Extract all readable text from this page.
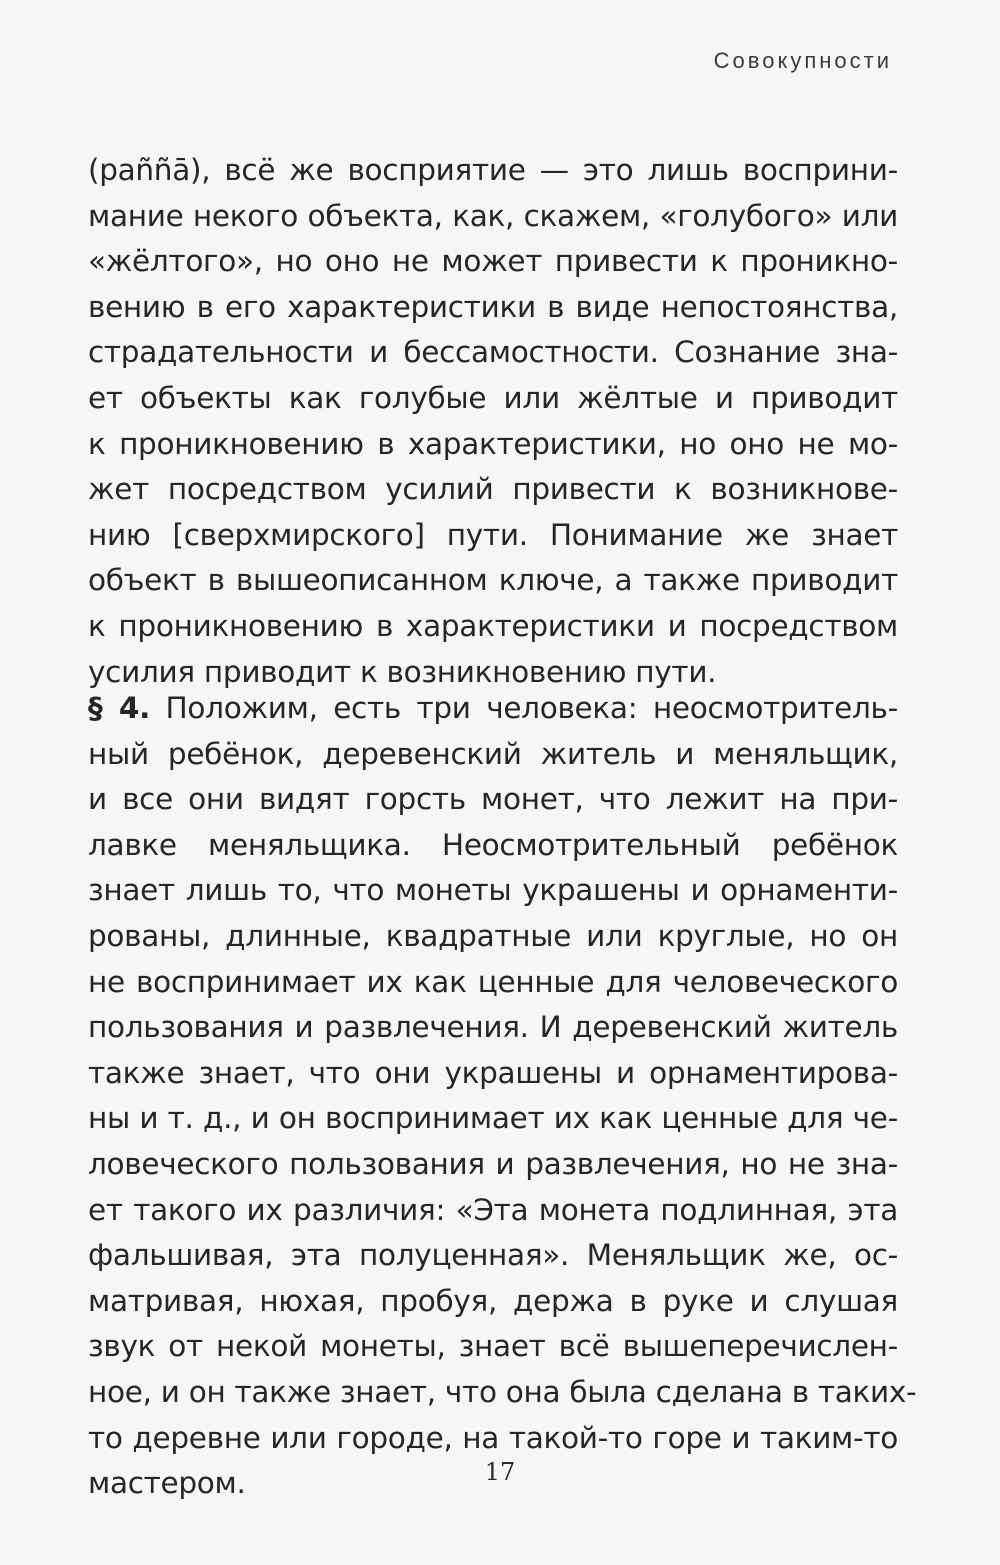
Совокупности
(paññā), всё же восприятие — это лишь восприни-
мание некого объекта, как, скажем, «голубого» или
«жёлтого», но оно не может привести к проникно-
вению в его характеристики в виде непостоянства,
страдательности и бессамостности. Сознание зна-
ет объекты как голубые или жёлтые и приводит
к проникновению в характеристики, но оно не мо-
жет посредством усилий привести к возникнове-
нию [сверхмирского] пути. Понимание же знает
объект в вышеописанном ключе, а также приводит
к проникновению в характеристики и посредством
усилия приводит к возникновению пути.
§ 4. Положим, есть три человека: неосмотритель-
ный ребёнок, деревенский житель и меняльщик,
и все они видят горсть монет, что лежит на при-
лавке меняльщика. Неосмотрительный ребёнок
знает лишь то, что монеты украшены и орнаменти-
рованы, длинные, квадратные или круглые, но он
не воспринимает их как ценные для человеческого
пользования и развлечения. И деревенский житель
также знает, что они украшены и орнаментирова-
ны и т. д., и он воспринимает их как ценные для че-
ловеческого пользования и развлечения, но не зна-
ет такого их различия: «Эта монета подлинная, эта
фальшивая, эта полуценная». Меняльщик же, ос-
матривая, нюхая, пробуя, держа в руке и слушая
звук от некой монеты, знает всё вышеперечислен-
ное, и он также знает, что она была сделана в таких-
то деревне или городе, на такой-то горе и таким-то
мастером.	17
